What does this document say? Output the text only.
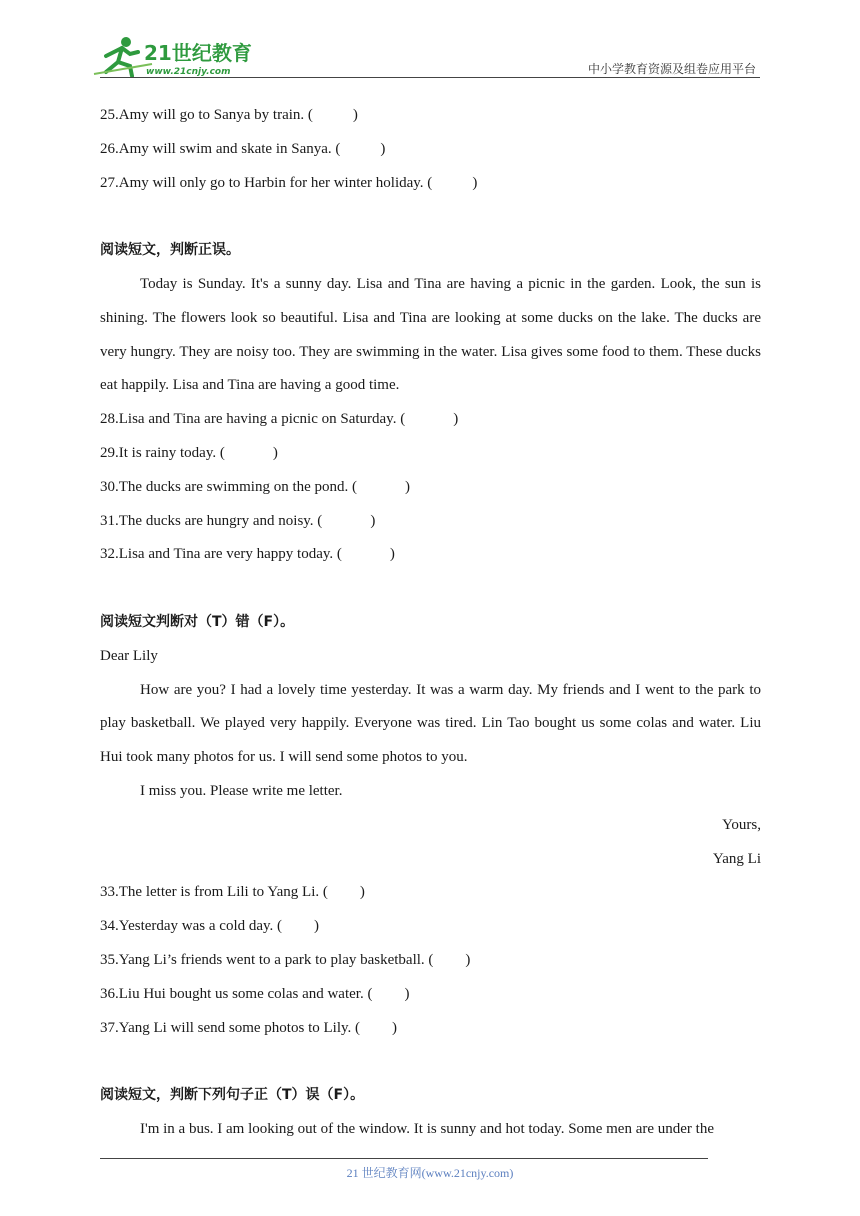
21世纪教育
www.21cnjy.com	中小学教育资源及组卷应用平台
25.Amy will go to Sanya by train. (	)
26.Amy will swim and skate in Sanya. (	)
27.Amy will only go to Harbin for her winter holiday. (	)
阅读短文，判断正误。

Today is Sunday. It's a sunny day. Lisa and Tina are having a picnic in the garden. Look, the sun is shining. The flowers look so beautiful. Lisa and Tina are looking at some ducks on the lake. The ducks are very hungry. They are noisy too. They are swimming in the water. Lisa gives some food to them. These ducks eat happily. Lisa and Tina are having a good time.

28.Lisa and Tina are having a picnic on Saturday. (	)
29.It is rainy today. (	)
30.The ducks are swimming on the pond. (	)
31.The ducks are hungry and noisy. (	)
32.Lisa and Tina are very happy today. (	)
阅读短文判断对（T）错（F）。
Dear Lily

How are you? I had a lovely time yesterday. It was a warm day. My friends and I went to the park to play basketball. We played very happily. Everyone was tired. Lin Tao bought us some colas and water. Liu Hui took many photos for us. I will send some photos to you.

I miss you. Please write me letter.
Yours,
Yang Li
33.The letter is from Lili to Yang Li. ( )
34.Yesterday was a cold day. ( )
35.Yang Li’s friends went to a park to play basketball. ( )
36.Liu Hui bought us some colas and water. ( )
37.Yang Li will send some photos to Lily. ( )
阅读短文，判断下列句子正（T）误（F）。

I'm in a bus. I am looking out of the window. It is sunny and hot today. Some men are under the

21 世纪教育网(www.21cnjy.com)
